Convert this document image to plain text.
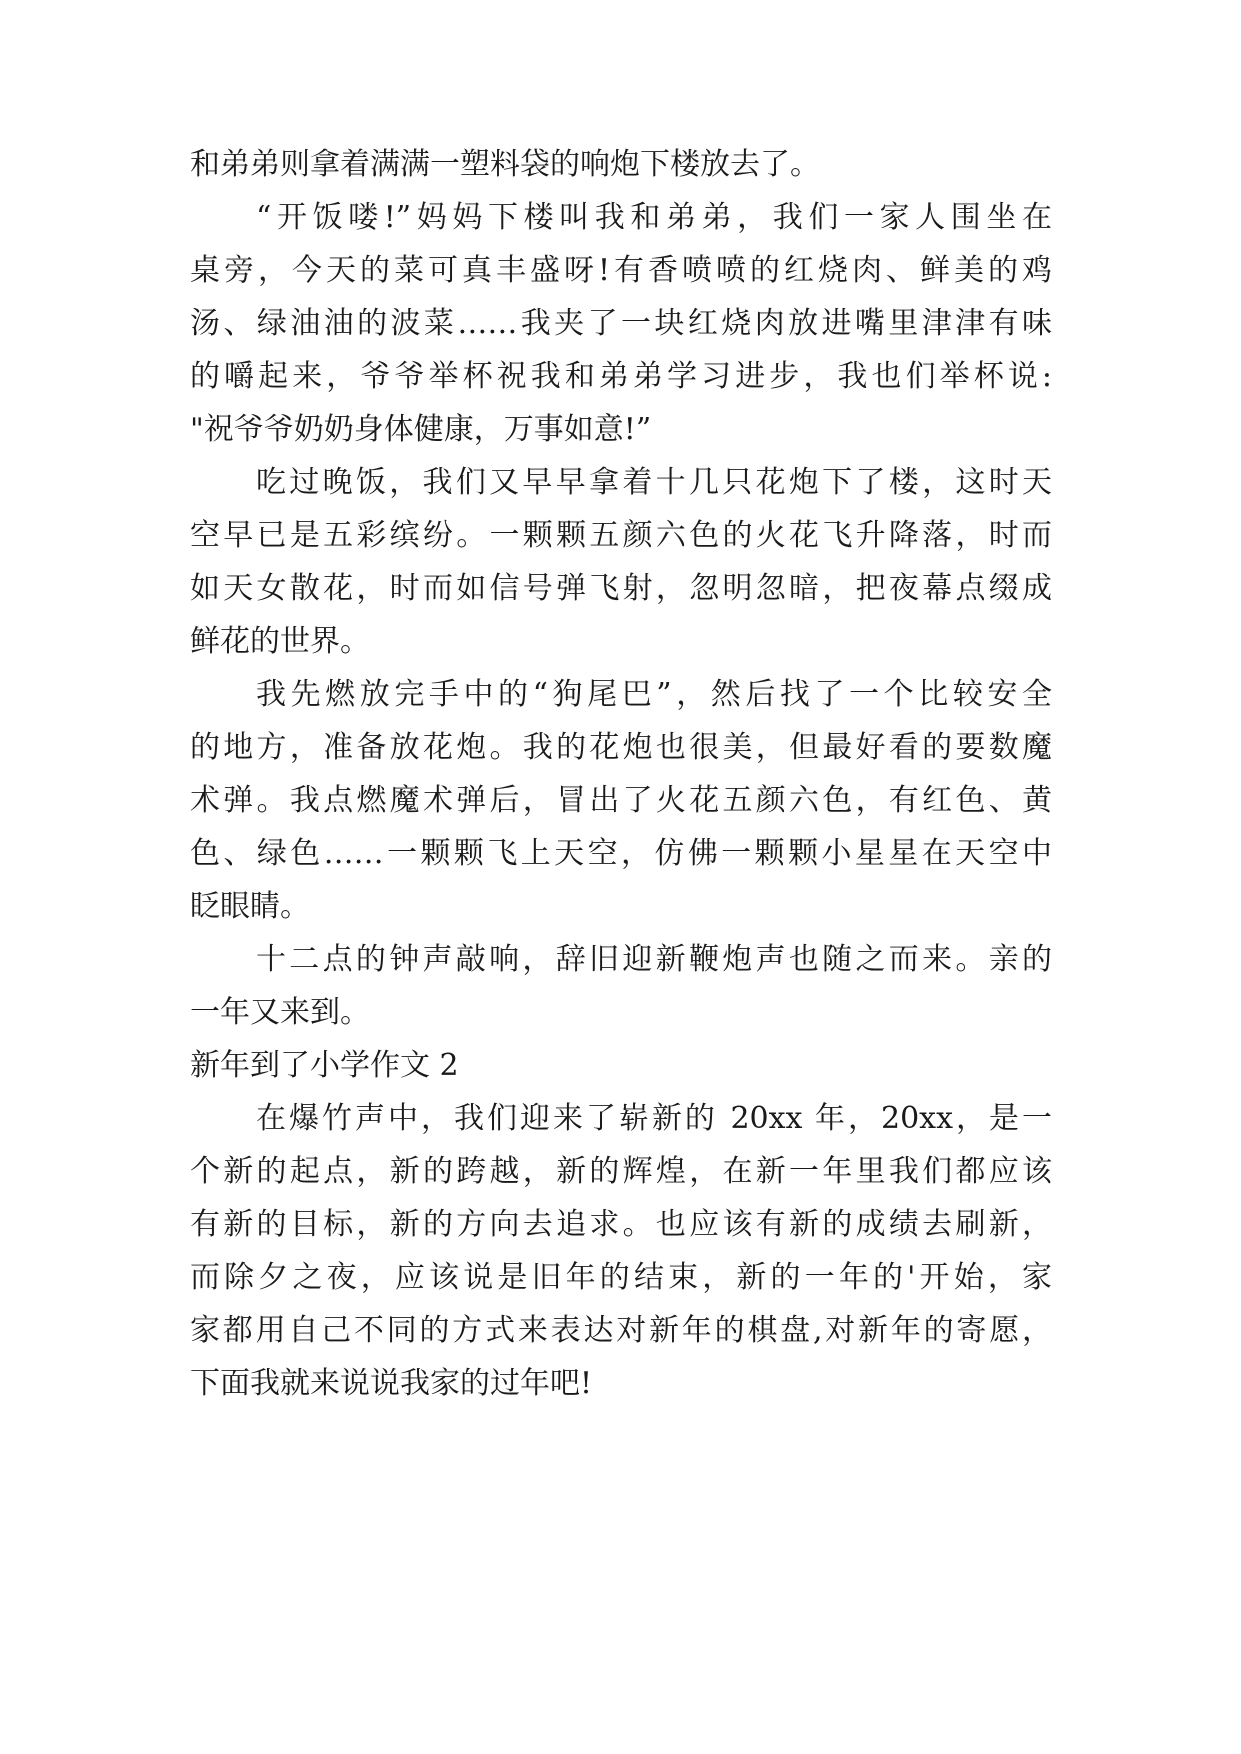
和弟弟则拿着满满一塑料袋的响炮下楼放去了。
“开饭喽!”妈妈下楼叫我和弟弟，我们一家人围坐在
桌旁，今天的菜可真丰盛呀!有香喷喷的红烧肉、鲜美的鸡
汤、绿油油的波菜……我夹了一块红烧肉放进嘴里津津有味
的嚼起来，爷爷举杯祝我和弟弟学习进步，我也们举杯说:
"祝爷爷奶奶身体健康，万事如意!”
吃过晚饭，我们又早早拿着十几只花炮下了楼，这时天
空早已是五彩缤纷。一颗颗五颜六色的火花飞升降落，时而
如天女散花，时而如信号弹飞射，忽明忽暗，把夜幕点缀成
鲜花的世界。
我先燃放完手中的“狗尾巴”，然后找了一个比较安全
的地方，准备放花炮。我的花炮也很美，但最好看的要数魔
术弹。我点燃魔术弹后，冒出了火花五颜六色，有红色、黄
色、绿色……一颗颗飞上天空，仿佛一颗颗小星星在天空中
眨眼睛。
十二点的钟声敲响，辞旧迎新鞭炮声也随之而来。亲的
一年又来到。
新年到了小学作文 2
在爆竹声中，我们迎来了崭新的 20xx 年，20xx，是一
个新的起点，新的跨越，新的辉煌，在新一年里我们都应该
有新的目标，新的方向去追求。也应该有新的成绩去刷新，
而除夕之夜，应该说是旧年的结束，新的一年的'开始，家
家都用自己不同的方式来表达对新年的棋盘,对新年的寄愿，
下面我就来说说我家的过年吧!
